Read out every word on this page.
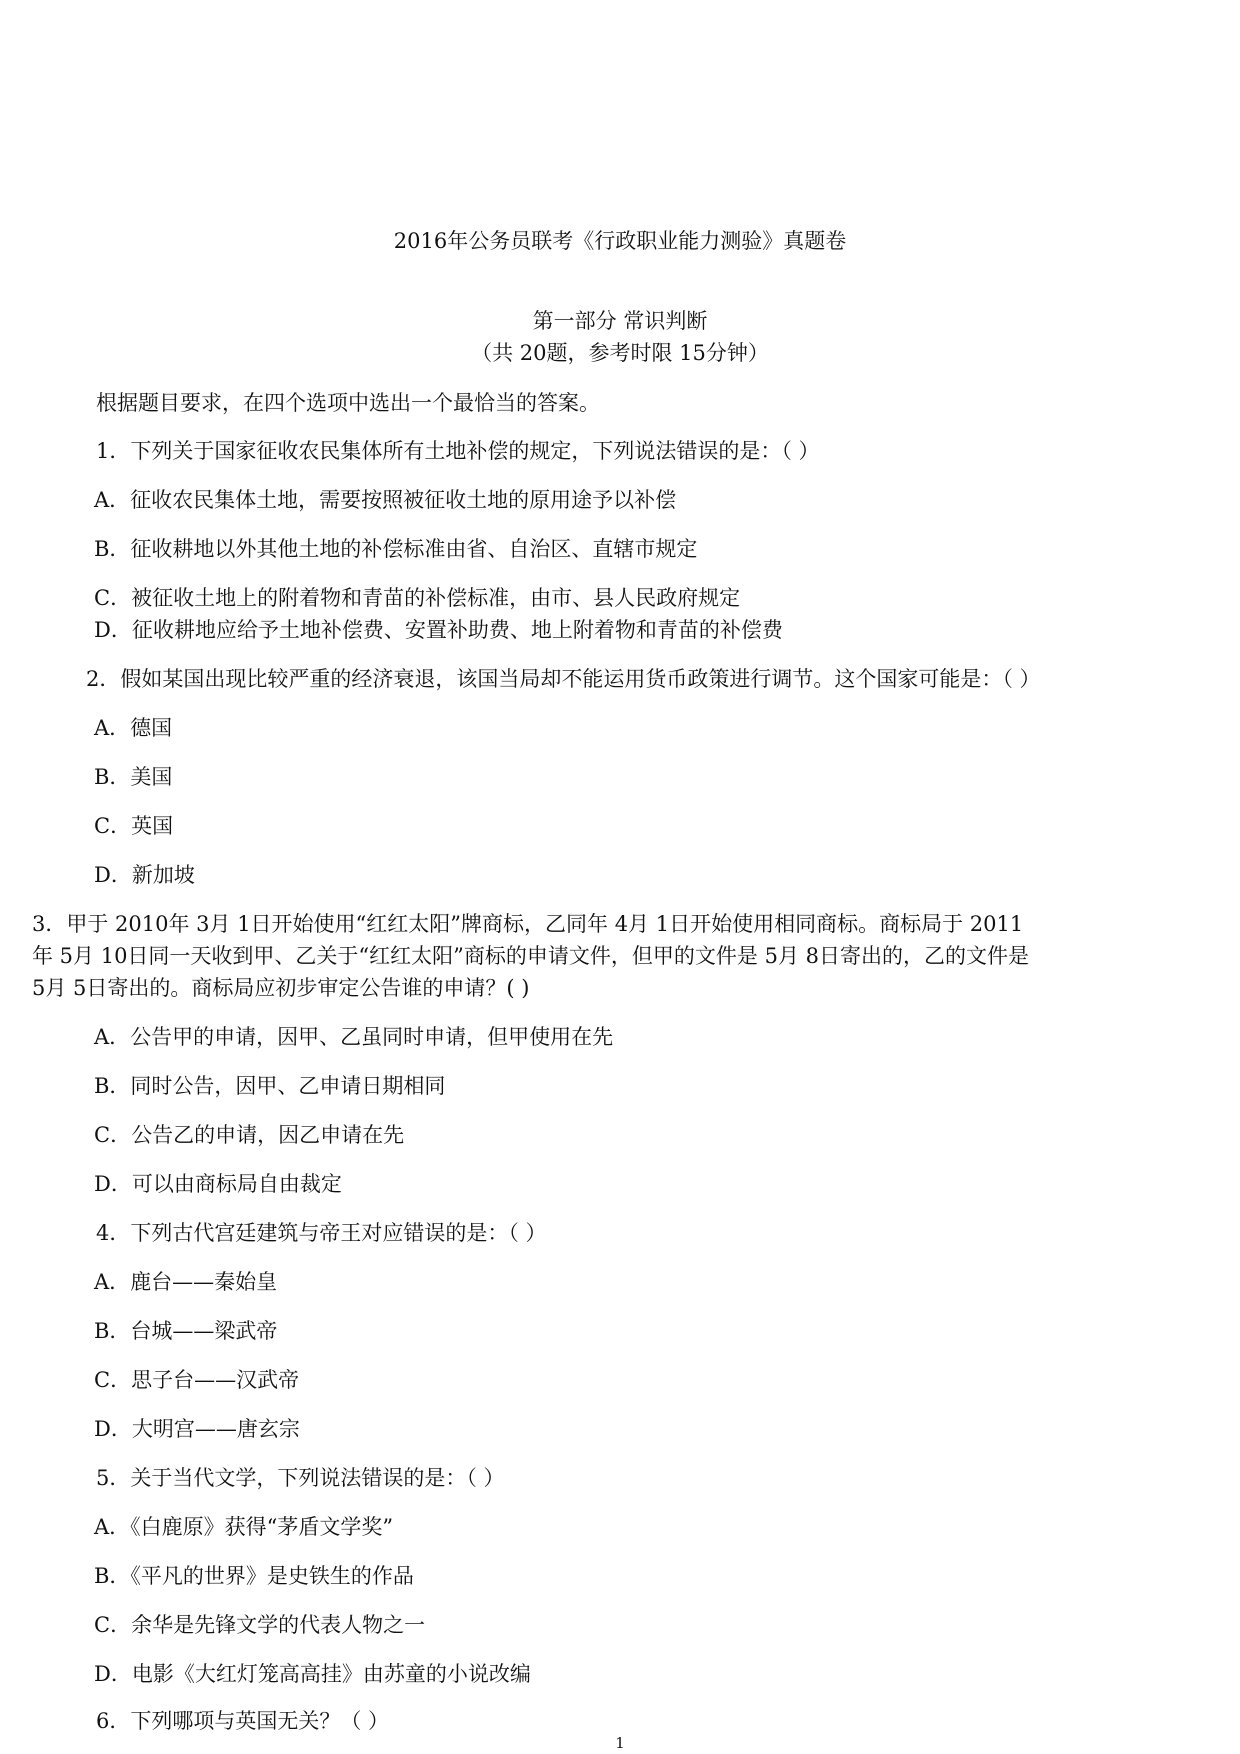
2016年公务员联考《行政职业能力测验》真题卷
第一部分 常识判断
（共 20题，参考时限 15分钟）
根据题目要求，在四个选项中选出一个最恰当的答案。
1．下列关于国家征收农民集体所有土地补偿的规定，下列说法错误的是：（ ）
A．征收农民集体土地，需要按照被征收土地的原用途予以补偿
B．征收耕地以外其他土地的补偿标准由省、自治区、直辖市规定
C．被征收土地上的附着物和青苗的补偿标准，由市、县人民政府规定
D．征收耕地应给予土地补偿费、安置补助费、地上附着物和青苗的补偿费
2．假如某国出现比较严重的经济衰退，该国当局却不能运用货币政策进行调节。这个国家可能是：（ ）
A．德国
B．美国
C．英国
D．新加坡
3．甲于 2010年 3月 1日开始使用“红红太阳”牌商标，乙同年 4月 1日开始使用相同商标。商标局于 2011
年 5月 10日同一天收到甲、乙关于“红红太阳”商标的申请文件，但甲的文件是 5月 8日寄出的，乙的文件是
5月 5日寄出的。商标局应初步审定公告谁的申请？( )
A．公告甲的申请，因甲、乙虽同时申请，但甲使用在先
B．同时公告，因甲、乙申请日期相同
C．公告乙的申请，因乙申请在先
D．可以由商标局自由裁定
4．下列古代宫廷建筑与帝王对应错误的是：（ ）
A．鹿台——秦始皇
B．台城——梁武帝
C．思子台——汉武帝
D．大明宫——唐玄宗
5．关于当代文学，下列说法错误的是：（ ）
A．《白鹿原》获得“茅盾文学奖”
B．《平凡的世界》是史铁生的作品
C．余华是先锋文学的代表人物之一
D．电影《大红灯笼高高挂》由苏童的小说改编
6．下列哪项与英国无关？（ ）
1
